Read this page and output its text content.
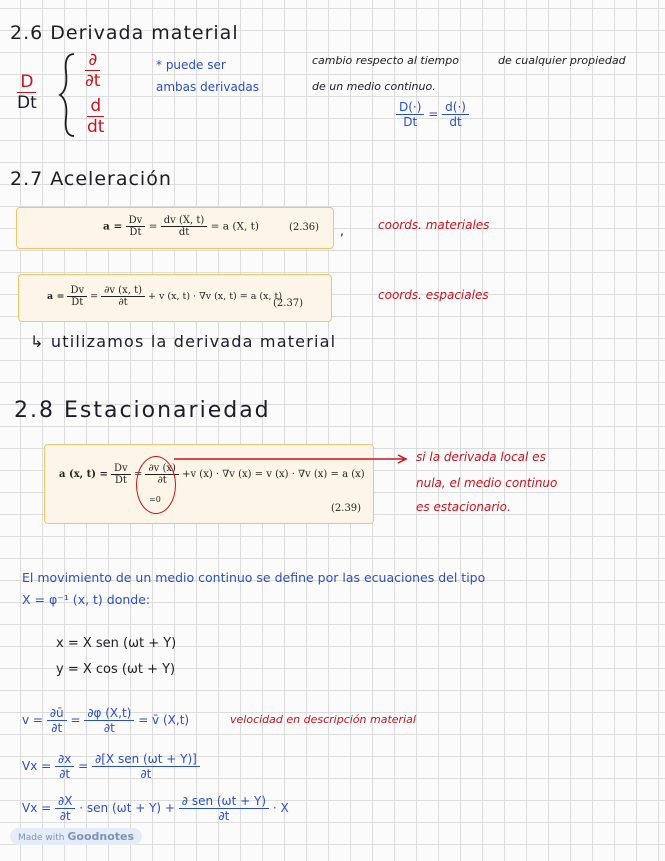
2.6 Derivada material
$\frac{D}{Dt}$
$\frac{\partial}{\partial t}$
$\frac{d}{dt}$
* puede ser
ambas derivadas
cambio respecto al tiempo	de cualquier propiedad
de un medio continuo.
$\frac{D(\cdot)}{Dt} = \frac{d(\cdot)}{dt}$
2.7 Aceleración
$a = \frac{Dv}{Dt} = \frac{dv (X, t)}{dt} = a$ (X, t)	(2.36) ,	coords. materiales
$a = \frac{Dv}{Dt} = \frac{\partial v (x, t)}{\partial t} + v$ (x, t) · ∇v (x, t) = a (x, t)
(2.37)
coords. espaciales
↳ utilizamos la derivada material
2.8 Estacionariedad
a (x, $t) = \frac{Dv}{Dt} = \frac{\partial v (x)}{\partial t} +v$ (x) · ∇v (x) = v (x) · ∇v (x) = a (x)
=0
(2.39)
si la derivada local es
nula, el medio continuo
es estacionario.
El movimiento de un medio continuo se define por las ecuaciones del tipo
X = φ⁻¹ (x, t) donde:
x = X sen (ωt + Y)
y = X cos (ωt + Y)
$v = \frac{\partial ū}{\partial t} = \frac{\partial\varphi (X,t)}{\partial t}$ = v̄ (X,t)	velocidad en descripción material
$Vx = \frac{\partial x}{\partial t} = \frac{\text{∂[X sen (ωt + Y)]}}{\partial t}$
$Vx = \frac{\partial X}{\partial t}$ · sen $(\omega t + Y) + \frac{\text{∂ sen (ωt + Y)}}{\partial t} \cdot X$
Made with Goodnotes
